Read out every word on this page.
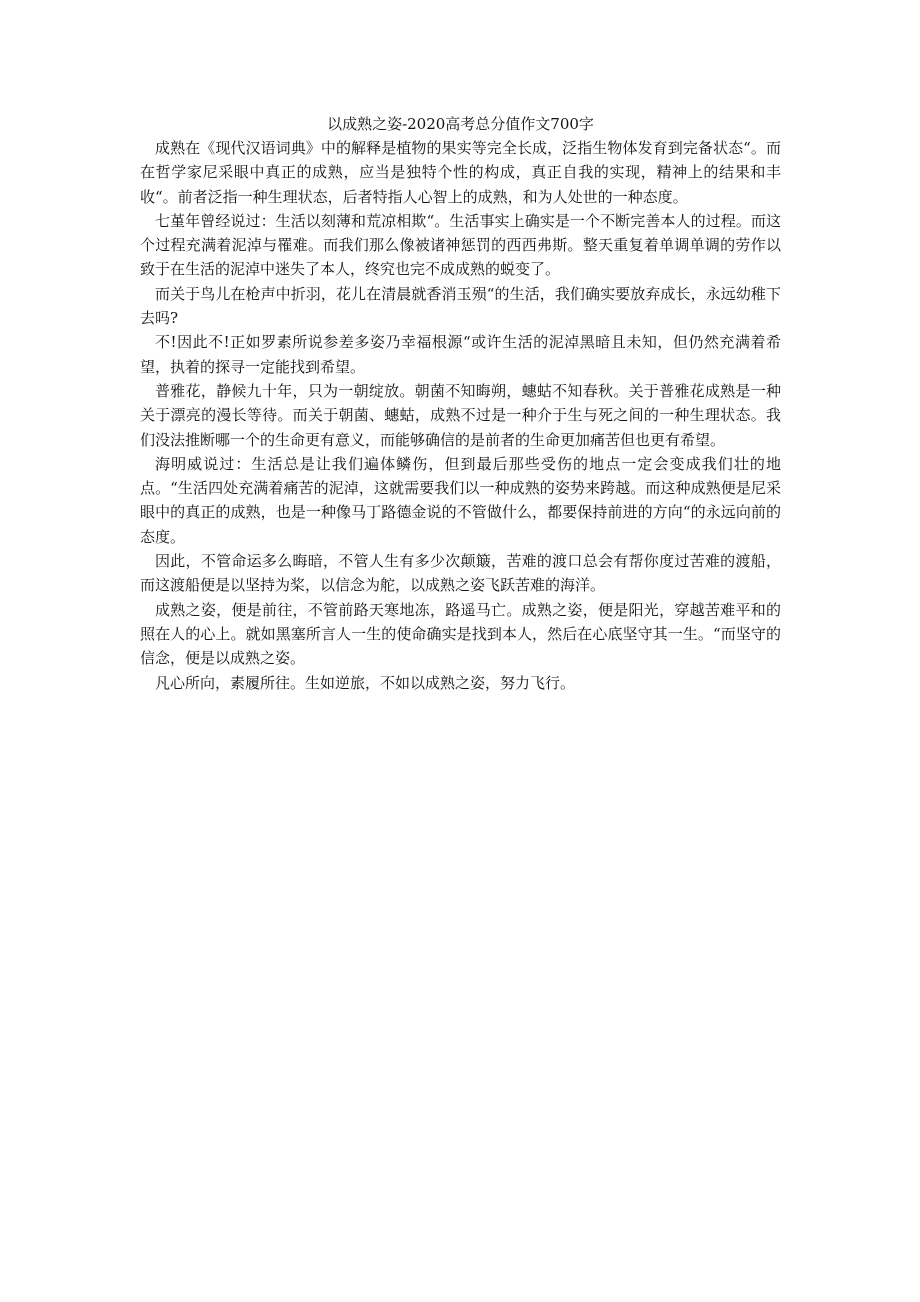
以成熟之姿-2020高考总分值作文700字

成熟在《现代汉语词典》中的解释是植物的果实等完全长成，泛指生物体发育到完备状态“。而在哲学家尼采眼中真正的成熟，应当是独特个性的构成，真正自我的实现，精神上的结果和丰收“。前者泛指一种生理状态，后者特指人心智上的成熟，和为人处世的一种态度。

七堇年曾经说过：生活以刻薄和荒凉相欺“。生活事实上确实是一个不断完善本人的过程。而这个过程充满着泥淖与罹难。而我们那么像被诸神惩罚的西西弗斯。整天重复着单调单调的劳作以致于在生活的泥淖中迷失了本人，终究也完不成成熟的蜕变了。

而关于鸟儿在枪声中折羽，花儿在清晨就香消玉殒“的生活，我们确实要放弃成长，永远幼稚下去吗?

不!因此不!正如罗素所说参差多姿乃幸福根源“或许生活的泥淖黑暗且未知，但仍然充满着希望，执着的探寻一定能找到希望。

普雅花，静候九十年，只为一朝绽放。朝菌不知晦朔，蟪蛄不知春秋。关于普雅花成熟是一种关于漂亮的漫长等待。而关于朝菌、蟪蛄，成熟不过是一种介于生与死之间的一种生理状态。我们没法推断哪一个的生命更有意义，而能够确信的是前者的生命更加痛苦但也更有希望。

海明威说过：生活总是让我们遍体鳞伤，但到最后那些受伤的地点一定会变成我们壮的地点。“生活四处充满着痛苦的泥淖，这就需要我们以一种成熟的姿势来跨越。而这种成熟便是尼采眼中的真正的成熟，也是一种像马丁路德金说的不管做什么，都要保持前进的方向“的永远向前的态度。

因此，不管命运多么晦暗，不管人生有多少次颠簸，苦难的渡口总会有帮你度过苦难的渡船，而这渡船便是以坚持为桨，以信念为舵，以成熟之姿飞跃苦难的海洋。

成熟之姿，便是前往，不管前路天寒地冻，路遥马亡。成熟之姿，便是阳光，穿越苦难平和的照在人的心上。就如黑塞所言人一生的使命确实是找到本人，然后在心底坚守其一生。“而坚守的信念，便是以成熟之姿。

凡心所向，素履所往。生如逆旅，不如以成熟之姿，努力飞行。
